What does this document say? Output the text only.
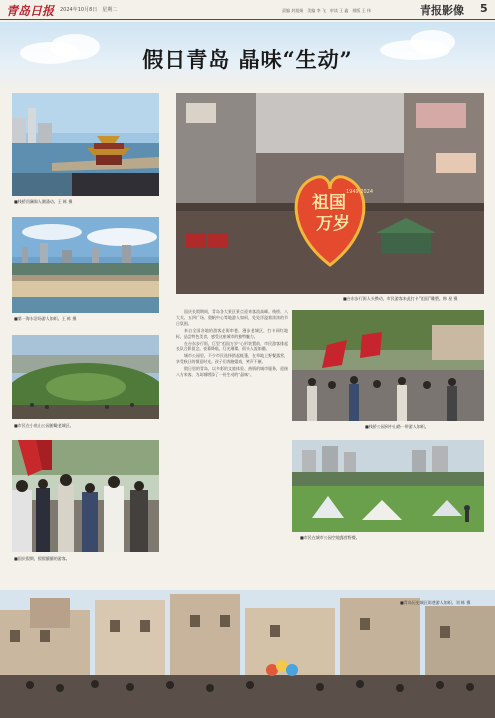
青岛日报 2024年10月8日　星期二	责编 封旭娟　美编 李 飞　审读 王 鑫　排版 王 伟	青报影像 5
假日青岛 晶味“生动”
■栈桥回澜阁人潮涌动。王 栋 摄
■第一海水浴场游人如织。王 栋 摄
■市民在小鱼山公园俯瞰老城区。
■国庆假期，熙熙攘攘的游客。
祖国
万岁
1949 2024
■台东步行街人头攒动，市民游客来此打卡“祖国”雕塑。韩 星 摄
■栈桥公园到中山路一带游人如织。
■市民在城市公园空地露营野餐。

国庆长假期间，青岛各大景区景点迎来客流高峰。栈桥、八大关、五四广场、奥帆中心等地游人如织，处处洋溢着浓浓的节日氛围。

来自全国各地的游客走街串巷，漫步老城区，打卡网红地标，品尝特色美食，感受这座城市的独特魅力。

在台东步行街，巨型“祖国万岁”心形装置前，市民游客排起长队合影留念。夜幕降临，灯光璀璨，街头人流如潮。

城市公园里，不少市民选择搭起帐篷，在草地上野餐露营，享受秋日的惬意时光。孩子们奔跑嬉戏，笑声不断。

假日里的青岛，以多彩的文旅体验、热情的城市服务，迎接八方来客，为岛城增添了一份生动的“晶味”。

■青岛历史城区街巷游人如织。刘 栋 摄
